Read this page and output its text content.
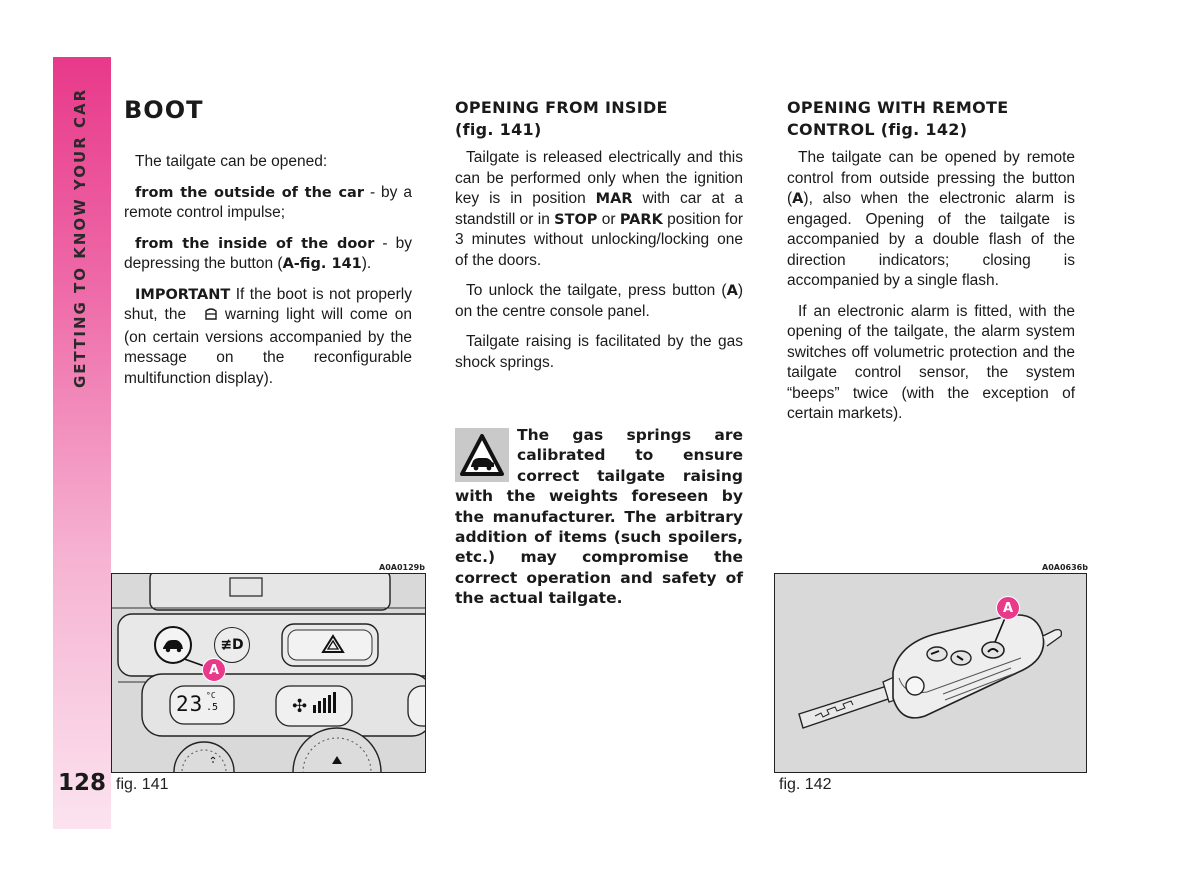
GETTING TO KNOW YOUR CAR
128
BOOT

The tailgate can be opened:

from the outside of the car - by a remote control impulse;

from the inside of the door - by depressing the button (A-fig. 141).

IMPORTANT If the boot is not properly shut, the  warning light will come on (on certain versions accompanied by the message on the reconfigurable multifunction display).

OPENING FROM INSIDE
(fig. 141)

Tailgate is released electrically and this can be performed only when the ignition key is in position MAR with car at a standstill or in STOP or PARK position for 3 minutes without unlocking/locking one of the doors.

To unlock the tailgate, press button (A) on the centre console panel.

Tailgate raising is facilitated by the gas shock springs.

The gas springs are calibrated to ensure correct tailgate raising with the weights foreseen by the manufacturer. The arbitrary addition of items (such spoilers, etc.) may compromise the correct operation and safety of the actual tailgate.
OPENING WITH REMOTE
CONTROL (fig. 142)

The tailgate can be opened by remote control from outside pressing the button (A), also when the electronic alarm is engaged. Opening of the tailgate is accompanied by a double flash of the direction indicators; closing is accompanied by a single flash.

If an electronic alarm is fitted, with the opening of the tailgate, the alarm system switches off volumetric protection and the tailgate control sensor, the system “beeps” twice (with the exception of certain markets).

A0A0129b
≢D
23 °C
.5	✣
A
fig. 141
A0A0636b
A
fig. 142
